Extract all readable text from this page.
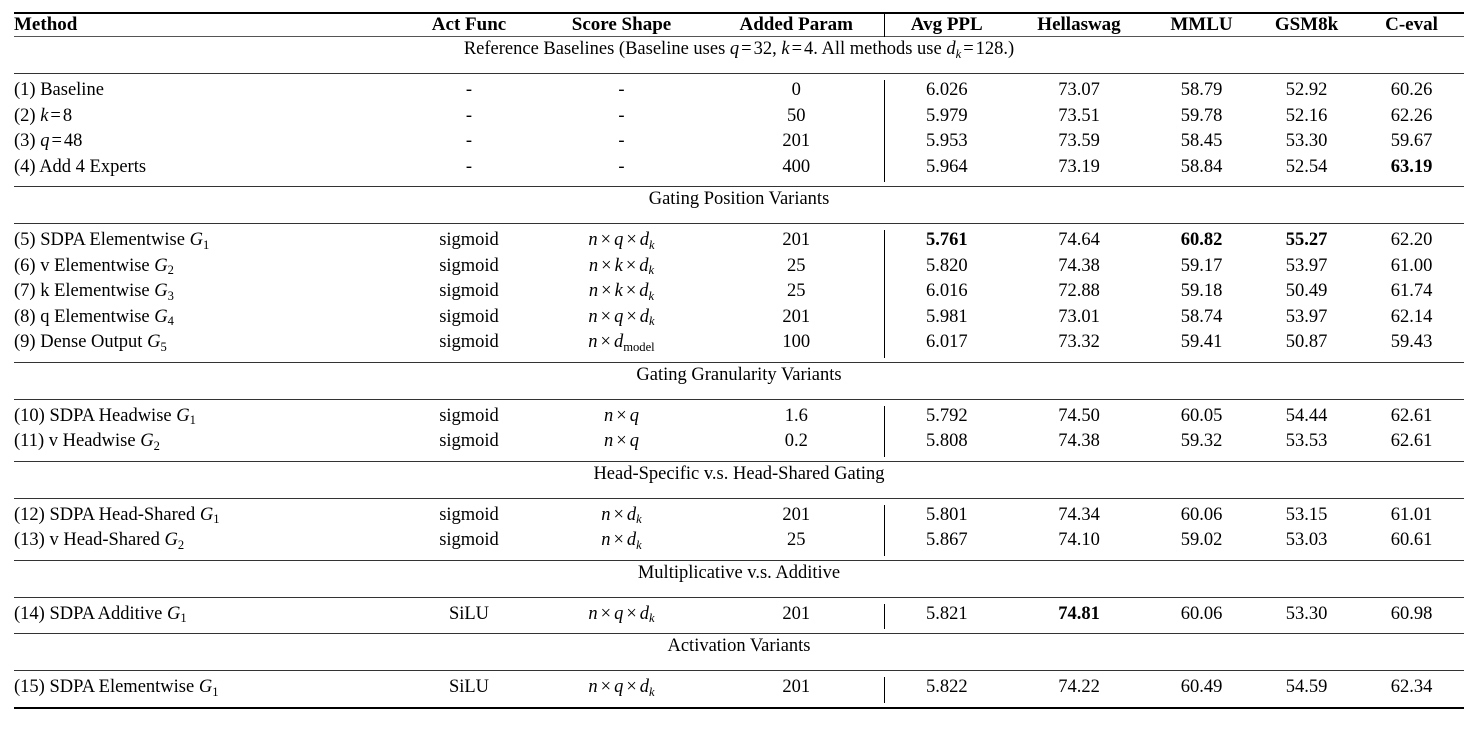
Method	Act Func	Score Shape	Added Param	Avg PPL	Hellaswag	MMLU	GSM8k	C-eval

Reference Baselines (Baseline uses q = 32, k = 4. All methods use $d_k = 128$.)								

(1) Baseline	-	-	0	6.026	73.07	58.79	52.92	60.26
(2) k = 8	-	-	50	5.979	73.51	59.78	52.16	62.26
(3) q = 48	-	-	201	5.953	73.59	58.45	53.30	59.67
(4) Add 4 Experts	-	-	400	5.964	73.19	58.84	52.54	63.19

Gating Position Variants								

(5) SDPA Elementwise $G_1$	sigmoid	$n \times q \times d_k$	201	5.761	74.64	60.82	55.27	62.20
(6) v Elementwise $G_2$	sigmoid	$n \times k \times d_k$	25	5.820	74.38	59.17	53.97	61.00
(7) k Elementwise $G_3$	sigmoid	$n \times k \times d_k$	25	6.016	72.88	59.18	50.49	61.74
(8) q Elementwise $G_4$	sigmoid	$n \times q \times d_k$	201	5.981	73.01	58.74	53.97	62.14
(9) Dense Output $G_5$	sigmoid	$n \times d_{model}$	100	6.017	73.32	59.41	50.87	59.43

Gating Granularity Variants								

(10) SDPA Headwise $G_1$	sigmoid	n × q	1.6	5.792	74.50	60.05	54.44	62.61
(11) v Headwise $G_2$	sigmoid	n × q	0.2	5.808	74.38	59.32	53.53	62.61

Head-Specific v.s. Head-Shared Gating								

(12) SDPA Head-Shared $G_1$	sigmoid	$n \times d_k$	201	5.801	74.34	60.06	53.15	61.01
(13) v Head-Shared $G_2$	sigmoid	$n \times d_k$	25	5.867	74.10	59.02	53.03	60.61

Multiplicative v.s. Additive								

(14) SDPA Additive $G_1$	SiLU	$n \times q \times d_k$	201	5.821	74.81	60.06	53.30	60.98

Activation Variants								

(15) SDPA Elementwise $G_1$	SiLU	$n \times q \times d_k$	201	5.822	74.22	60.49	54.59	62.34
